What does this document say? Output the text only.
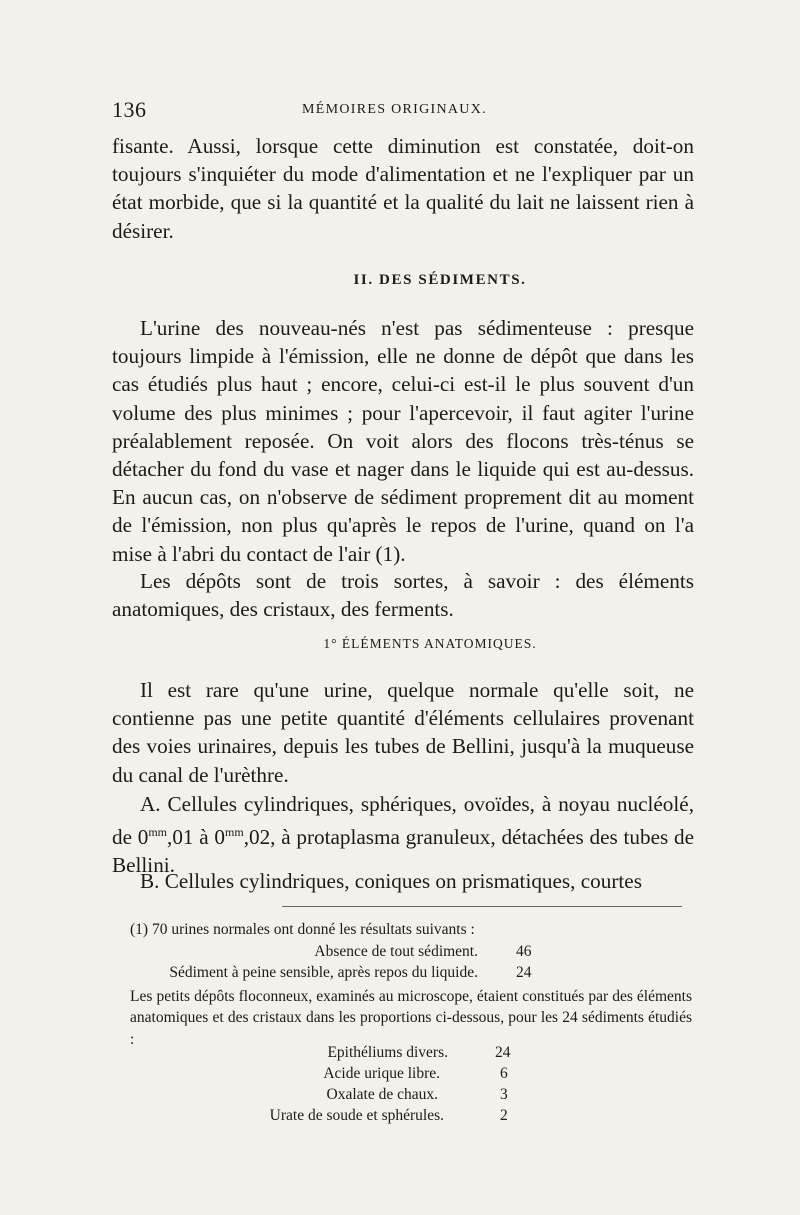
136	MÉMOIRES ORIGINAUX.

fisante. Aussi, lorsque cette diminution est constatée, doit-on toujours s'inquiéter du mode d'alimentation et ne l'expliquer par un état morbide, que si la quantité et la qualité du lait ne laissent rien à désirer.

II. DES SÉDIMENTS.

L'urine des nouveau-nés n'est pas sédimenteuse : presque toujours limpide à l'émission, elle ne donne de dépôt que dans les cas étudiés plus haut ; encore, celui-ci est-il le plus souvent d'un volume des plus minimes ; pour l'apercevoir, il faut agiter l'urine préalablement reposée. On voit alors des flocons très-ténus se détacher du fond du vase et nager dans le liquide qui est au-dessus. En aucun cas, on n'observe de sédiment proprement dit au moment de l'émission, non plus qu'après le repos de l'urine, quand on l'a mise à l'abri du contact de l'air (1).

Les dépôts sont de trois sortes, à savoir : des éléments anatomiques, des cristaux, des ferments.

1° ÉLÉMENTS ANATOMIQUES.

Il est rare qu'une urine, quelque normale qu'elle soit, ne contienne pas une petite quantité d'éléments cellulaires provenant des voies urinaires, depuis les tubes de Bellini, jusqu'à la muqueuse du canal de l'urèthre.

A. Cellules cylindriques, sphériques, ovoïdes, à noyau nucléolé, de $0^{mm},01$ à $0^{mm},02$, à protaplasma granuleux, détachées des tubes de Bellini.

B. Cellules cylindriques, coniques on prismatiques, courtes

(1) 70 urines normales ont donné les résultats suivants :
Absence de tout sédiment. 46
Sédiment à peine sensible, après repos du liquide. 24

Les petits dépôts floconneux, examinés au microscope, étaient constitués par des éléments anatomiques et des cristaux dans les proportions ci-dessous, pour les 24 sédiments étudiés :

Epithéliums divers.	24
Acide urique libre.	6
Oxalate de chaux.	3
Urate de soude et sphérules.	2
